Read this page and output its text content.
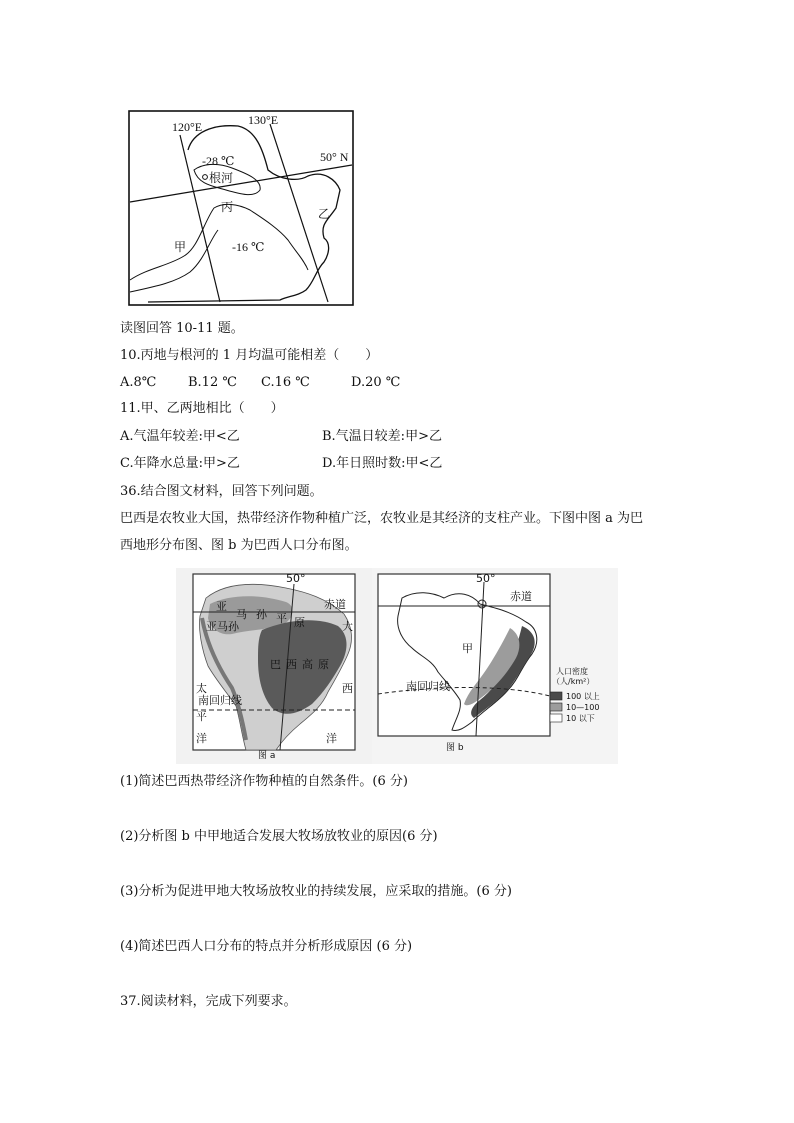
120°E	130°E
50° N
-28 ℃
根河
丙	乙
甲	-16 ℃
读图回答 10-11 题。
10.丙地与根河的 1 月均温可能相差（　　）
A.8℃ B.12 ℃ C.16 ℃	D.20 ℃
11.甲、乙两地相比（　　）
A.气温年较差:甲<乙	B.气温日较差:甲>乙
C.年降水总量:甲>乙	D.年日照时数:甲<乙
36.结合图文材料，回答下列问题。
巴西是农牧业大国，热带经济作物种植广泛，农牧业是其经济的支柱产业。下图中图 a 为巴
西地形分布图、图 b 为巴西人口分布图。
50°
赤道
亚
马 孙 平 原
亚马孙
巴 西 高 原
南回归线
太
平
洋
大
西
洋
图 a
50°
赤道
甲
南回归线
人口密度
（人/km²）
100 以上
10—100
10 以下
图 b
(1)简述巴西热带经济作物种植的自然条件。(6 分)
(2)分析图 b 中甲地适合发展大牧场放牧业的原因(6 分)
(3)分析为促进甲地大牧场放牧业的持续发展，应采取的措施。(6 分)
(4)简述巴西人口分布的特点并分析形成原因 (6 分)
37.阅读材料，完成下列要求。
